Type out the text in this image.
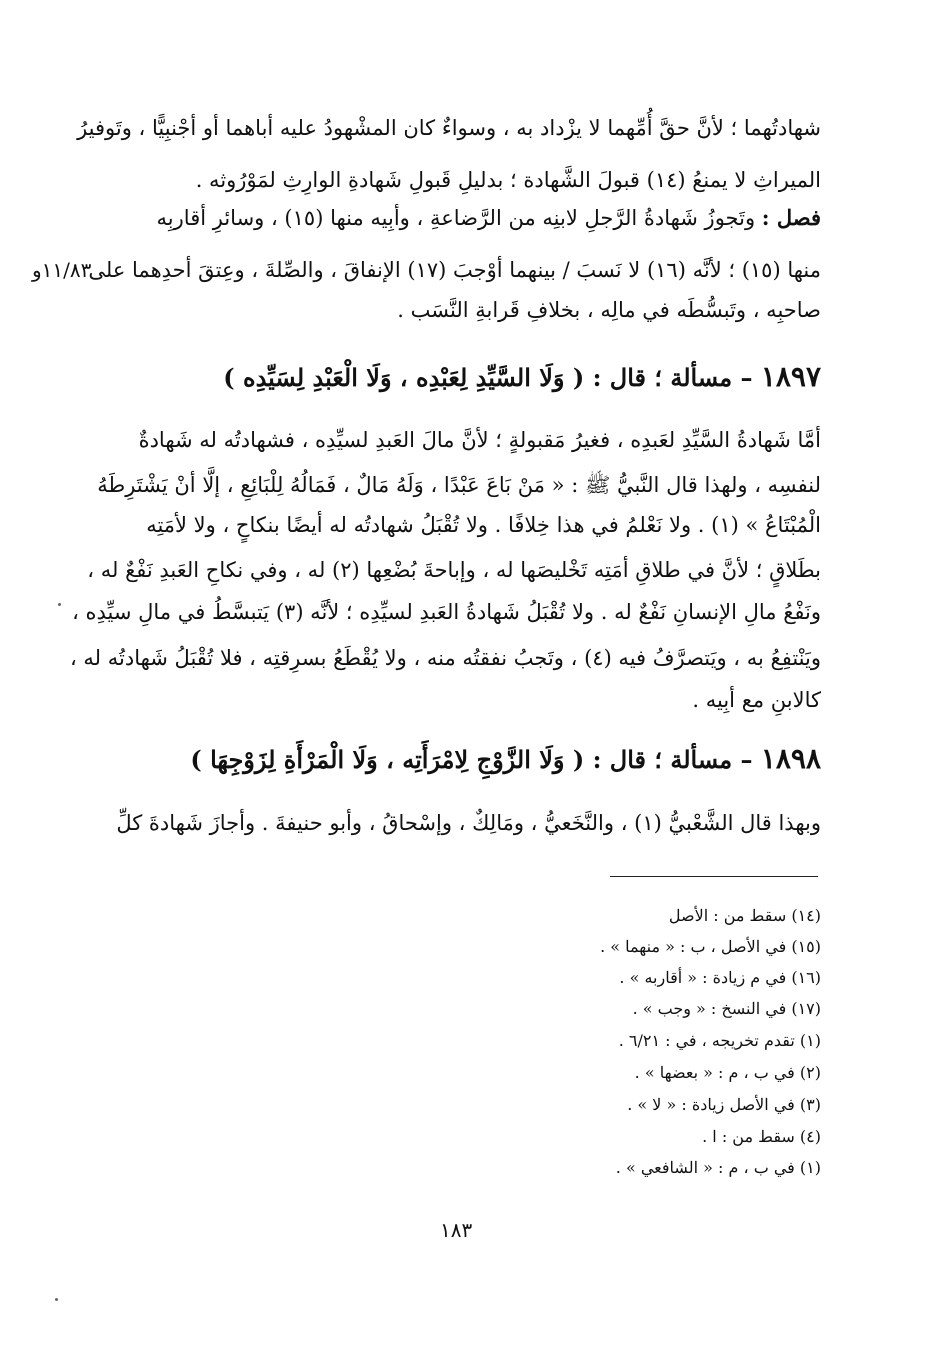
شهادتُهما ؛ لأنَّ حقَّ أُمِّهما لا يزْداد به ، وسواءٌ كان المشْهودُ عليه أباهما أو أجْنبِيًّا ، وتَوفيرُ
الميراثِ لا يمنعُ (١٤) قبولَ الشَّهادة ؛ بدليلِ قَبولِ شَهادةِ الوارِثِ لمَوْرُوثه .
فصل : وتَجوزُ شَهادةُ الرَّجلِ لابنِه من الرَّضاعةِ ، وأبِيه منها (١٥) ، وسائرِ أقاربِه
منها (١٥) ؛ لأنَّه (١٦) لا نَسبَ / بينهما أوْجبَ (١٧) الإنفاقَ ، والصِّلةَ ، وعِتقَ أحدِهما على
صاحبِه ، وتَبسُّطَه في مالِه ، بخلافِ قَرابةِ النَّسَب .
١١/٨٣و
١٨٩٧ – مسألة ؛ قال : ( وَلَا السَّيِّدِ لِعَبْدِه ، وَلَا الْعَبْدِ لِسَيِّدِه )
أمَّا شَهادةُ السَّيِّدِ لعَبدِه ، فغيرُ مَقبولةٍ ؛ لأنَّ مالَ العَبدِ لسيِّدِه ، فشهادتُه له شَهادةٌ
لنفسِه ، ولهذا قال النَّبيُّ ﷺ : « مَنْ بَاعَ عَبْدًا ، وَلَهُ مَالٌ ، فَمَالُهُ لِلْبَائِعِ ، إلَّا أنْ يَشْتَرِطَهُ
الْمُبْتَاعُ » (١) . ولا نَعْلمُ في هذا خِلافًا . ولا تُقْبَلُ شهادتُه له أيضًا بنكاحٍ ، ولا لأمَتِه
بطَلاقٍ ؛ لأنَّ في طلاقِ أمَتِه تَخْليصَها له ، وإباحةَ بُضْعِها (٢) له ، وفي نكاحِ العَبدِ نَفْعٌ له ،
ونَفْعُ مالِ الإنسانِ نَفْعٌ له . ولا تُقْبَلُ شَهادةُ العَبدِ لسيِّدِه ؛ لأنَّه (٣) يَتبسَّطُ في مالِ سيِّدِه ،
ويَنْتفِعُ به ، ويَتصرَّفُ فيه (٤) ، وتَجبُ نفقتُه منه ، ولا يُقْطَعُ بسرِقتِه ، فلا تُقْبَلُ شَهادتُه له ،
كالابنِ مع أبِيه .
١٨٩٨ – مسألة ؛ قال : ( وَلَا الزَّوْجِ لِامْرَأَتِه ، وَلَا الْمَرْأَةِ لِزَوْجِهَا )
وبهذا قال الشَّعْبيُّ (١) ، والنَّخَعيُّ ، ومَالِكٌ ، وإسْحاقُ ، وأبو حنيفةَ . وأجازَ شَهادةَ كلِّ
(١٤) سقط من : الأصل
(١٥) في الأصل ، ب : « منهما » .
(١٦) في م زيادة : « أقاربه » .
(١٧) في النسخ : « وجب » .
(١) تقدم تخريجه ، في : ٦/٢١ .
(٢) في ب ، م : « بعضها » .
(٣) في الأصل زيادة : « لا » .
(٤) سقط من : ا .
(١) في ب ، م : « الشافعي » .
١٨٣
